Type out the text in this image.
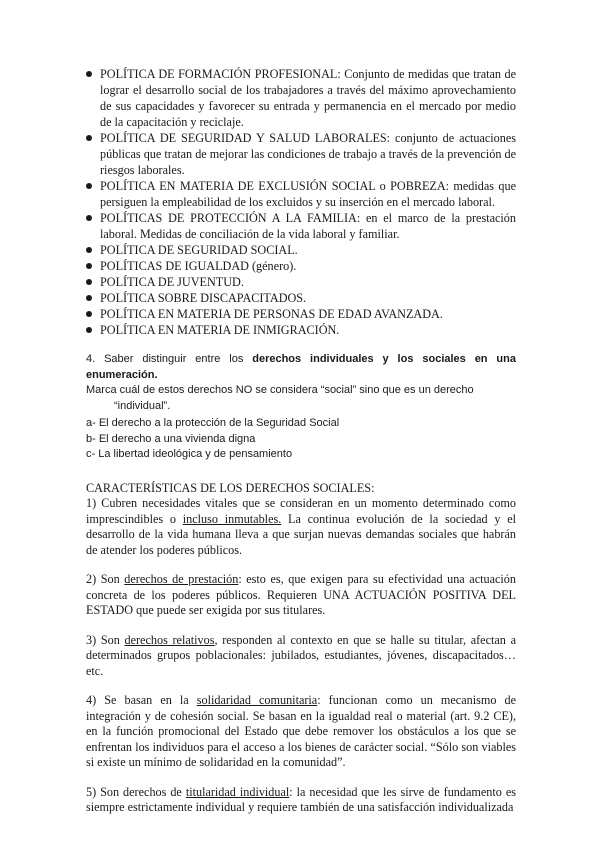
POLÍTICA DE FORMACIÓN PROFESIONAL: Conjunto de medidas que tratan de lograr el desarrollo social de los trabajadores a través del máximo aprovechamiento de sus capacidades y favorecer su entrada y permanencia en el mercado por medio de la capacitación y reciclaje.
POLÍTICA DE SEGURIDAD Y SALUD LABORALES: conjunto de actuaciones públicas que tratan de mejorar las condiciones de trabajo a través de la prevención de riesgos laborales.
POLÍTICA EN MATERIA DE EXCLUSIÓN SOCIAL o POBREZA: medidas que persiguen la empleabilidad de los excluidos y su inserción en el mercado laboral.
POLÍTICAS DE PROTECCIÓN A LA FAMILIA: en el marco de la prestación laboral. Medidas de conciliación de la vida laboral y familiar.
POLÍTICA DE SEGURIDAD SOCIAL.
POLÍTICAS DE IGUALDAD (género).
POLÍTICA DE JUVENTUD.
POLÍTICA SOBRE DISCAPACITADOS.
POLÍTICA EN MATERIA DE PERSONAS DE EDAD AVANZADA.
POLÍTICA EN MATERIA DE INMIGRACIÓN.

4. Saber distinguir entre los derechos individuales y los sociales en una enumeración.

Marca cuál de estos derechos NO se considera “social” sino que es un derecho

“individual”.

a- El derecho a la protección de la Seguridad Social
b- El derecho a una vivienda digna
c- La libertad ideológica y de pensamiento
CARACTERÍSTICAS DE LOS DERECHOS SOCIALES:

1) Cubren necesidades vitales que se consideran en un momento determinado como imprescindibles o incluso inmutables. La continua evolución de la sociedad y el desarrollo de la vida humana lleva a que surjan nuevas demandas sociales que habrán de atender los poderes públicos.

2) Son derechos de prestación: esto es, que exigen para su efectividad una actuación concreta de los poderes públicos. Requieren UNA ACTUACIÓN POSITIVA DEL ESTADO que puede ser exigida por sus titulares.

3) Son derechos relativos, responden al contexto en que se halle su titular, afectan a determinados grupos poblacionales: jubilados, estudiantes, jóvenes, discapacitados… etc.

4) Se basan en la solidaridad comunitaria: funcionan como un mecanismo de integración y de cohesión social. Se basan en la igualdad real o material (art. 9.2 CE), en la función promocional del Estado que debe remover los obstáculos a los que se enfrentan los individuos para el acceso a los bienes de carácter social. “Sólo son viables si existe un mínimo de solidaridad en la comunidad”.

5) Son derechos de titularidad individual: la necesidad que les sirve de fundamento es siempre estrictamente individual y requiere también de una satisfacción individualizada
